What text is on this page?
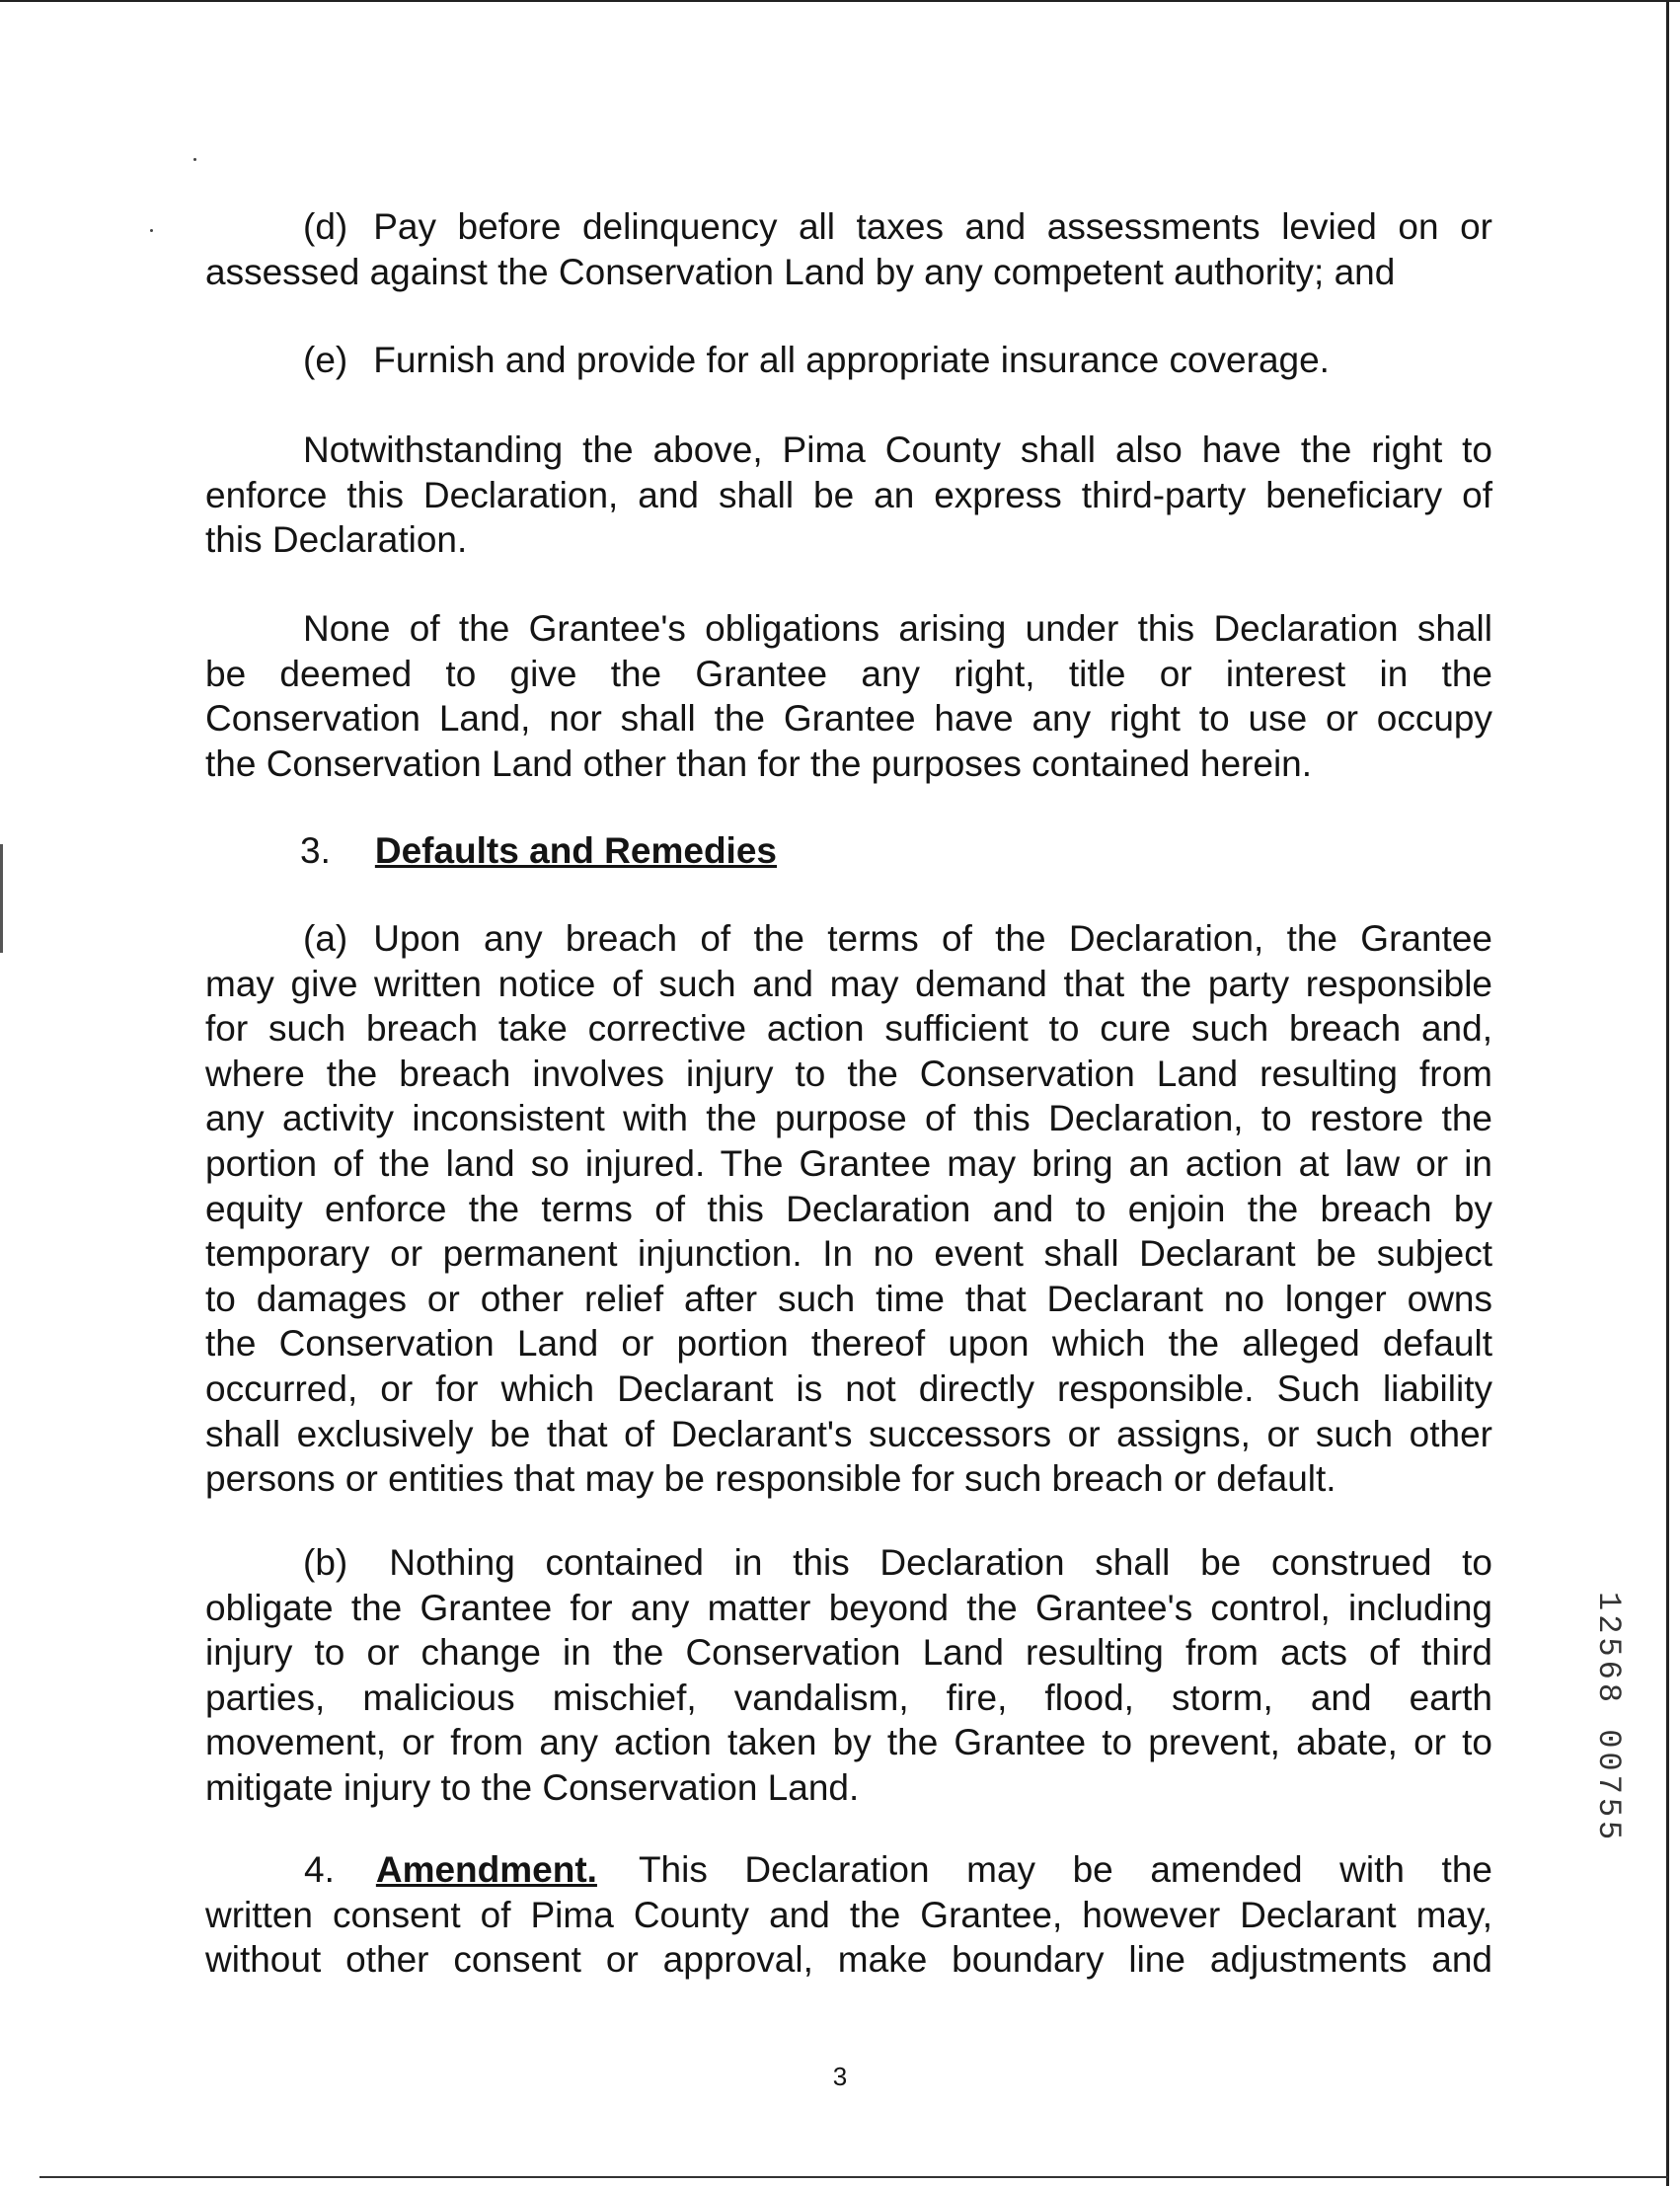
(d) Pay before delinquency all taxes and assessments levied on or

assessed against the Conservation Land by any competent authority; and

(e) Furnish and provide for all appropriate insurance coverage.

Notwithstanding the above, Pima County shall also have the right to

enforce this Declaration, and shall be an express third-party beneficiary of

this Declaration.

None of the Grantee's obligations arising under this Declaration shall

be deemed to give the Grantee any right, title or interest in the

Conservation Land, nor shall the Grantee have any right to use or occupy

the Conservation Land other than for the purposes contained herein.

3. Defaults and Remedies

(a) Upon any breach of the terms of the Declaration, the Grantee

may give written notice of such and may demand that the party responsible

for such breach take corrective action sufficient to cure such breach and,

where the breach involves injury to the Conservation Land resulting from

any activity inconsistent with the purpose of this Declaration, to restore the

portion of the land so injured. The Grantee may bring an action at law or in

equity enforce the terms of this Declaration and to enjoin the breach by

temporary or permanent injunction. In no event shall Declarant be subject

to damages or other relief after such time that Declarant no longer owns

the Conservation Land or portion thereof upon which the alleged default

occurred, or for which Declarant is not directly responsible. Such liability

shall exclusively be that of Declarant's successors or assigns, or such other

persons or entities that may be responsible for such breach or default.

(b) Nothing contained in this Declaration shall be construed to

obligate the Grantee for any matter beyond the Grantee's control, including

injury to or change in the Conservation Land resulting from acts of third

parties, malicious mischief, vandalism, fire, flood, storm, and earth

movement, or from any action taken by the Grantee to prevent, abate, or to

mitigate injury to the Conservation Land.

4. Amendment. This Declaration may be amended with the

written consent of Pima County and the Grantee, however Declarant may,

without other consent or approval, make boundary line adjustments and

3
12568 00755
